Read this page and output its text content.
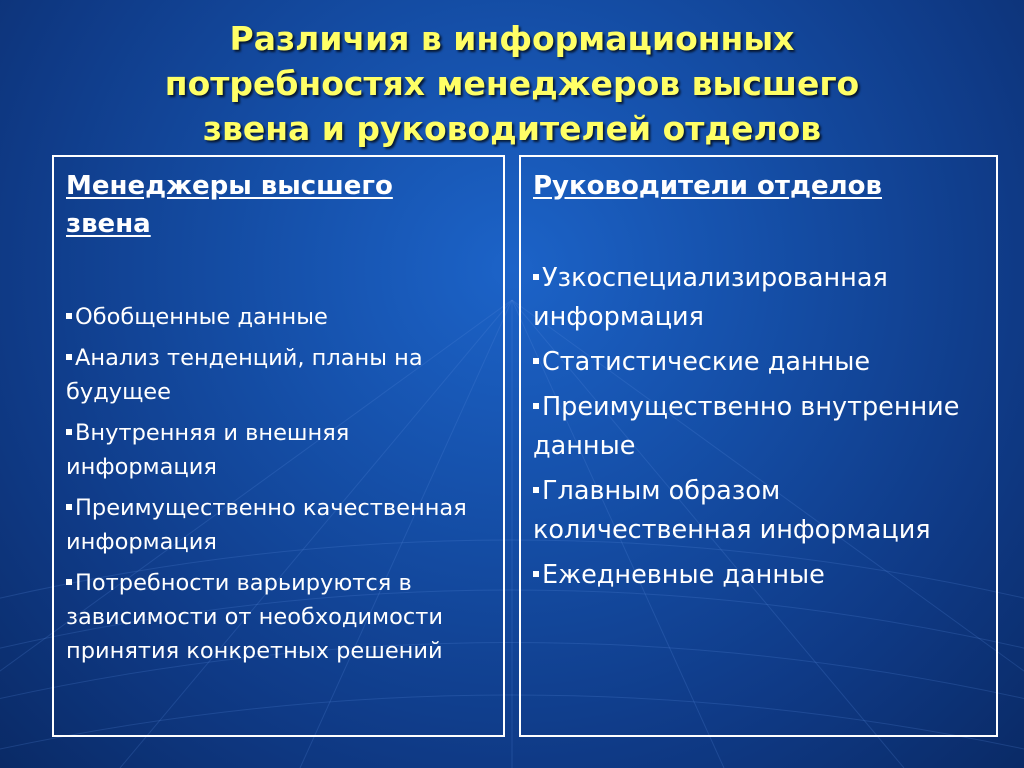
Различия в информационных
потребностях менеджеров высшего
звена и руководителей отделов

Менеджеры высшего звена

Обобщенные данные
Анализ тенденций, планы на будущее
Внутренняя и внешняя информация
Преимущественно качественная информация
Потребности варьируются в зависимости от необходимости принятия конкретных решений

Руководители отделов

Узкоспециализированная информация
Статистические данные
Преимущественно внутренние данные
Главным образом количественная информация
Ежедневные данные
